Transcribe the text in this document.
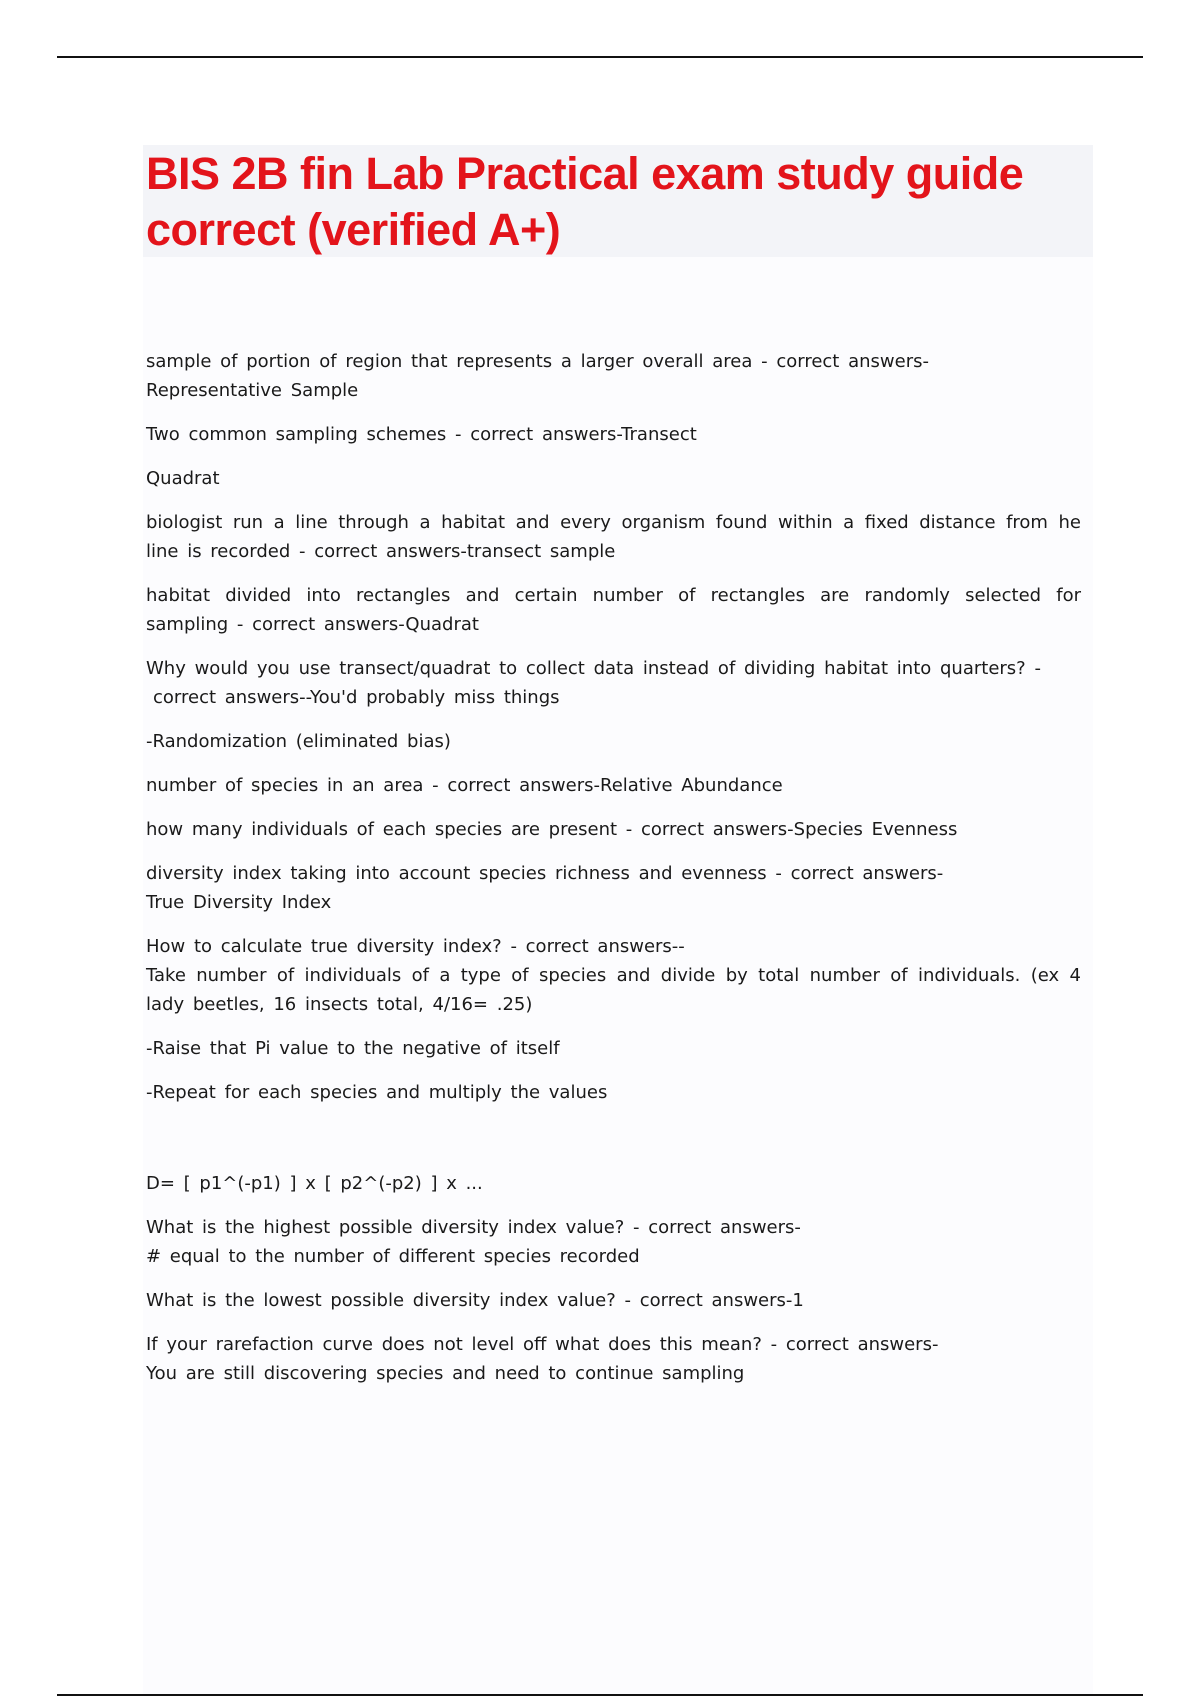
BIS 2B fin Lab Practical exam study guide correct (verified A+)

sample of portion of region that represents a larger overall area - correct answers-
Representative Sample

Two common sampling schemes - correct answers-Transect

Quadrat

biologist run a line through a habitat and every organism found within a fixed distance from he line is recorded - correct answers-transect sample

habitat divided into rectangles and certain number of rectangles are randomly selected for sampling - correct answers-Quadrat

Why would you use transect/quadrat to collect data instead of dividing habitat into quarters? -
correct answers--You'd probably miss things

-Randomization (eliminated bias)

number of species in an area - correct answers-Relative Abundance

how many individuals of each species are present - correct answers-Species Evenness

diversity index taking into account species richness and evenness - correct answers-
True Diversity Index

How to calculate true diversity index? - correct answers--
Take number of individuals of a type of species and divide by total number of individuals. (ex 4 lady beetles, 16 insects total, 4/16= .25)

-Raise that Pi value to the negative of itself

-Repeat for each species and multiply the values

D= [ p1^(-p1) ] x [ p2^(-p2) ] x ...

What is the highest possible diversity index value? - correct answers-
# equal to the number of different species recorded

What is the lowest possible diversity index value? - correct answers-1

If your rarefaction curve does not level off what does this mean? - correct answers-
You are still discovering species and need to continue sampling
